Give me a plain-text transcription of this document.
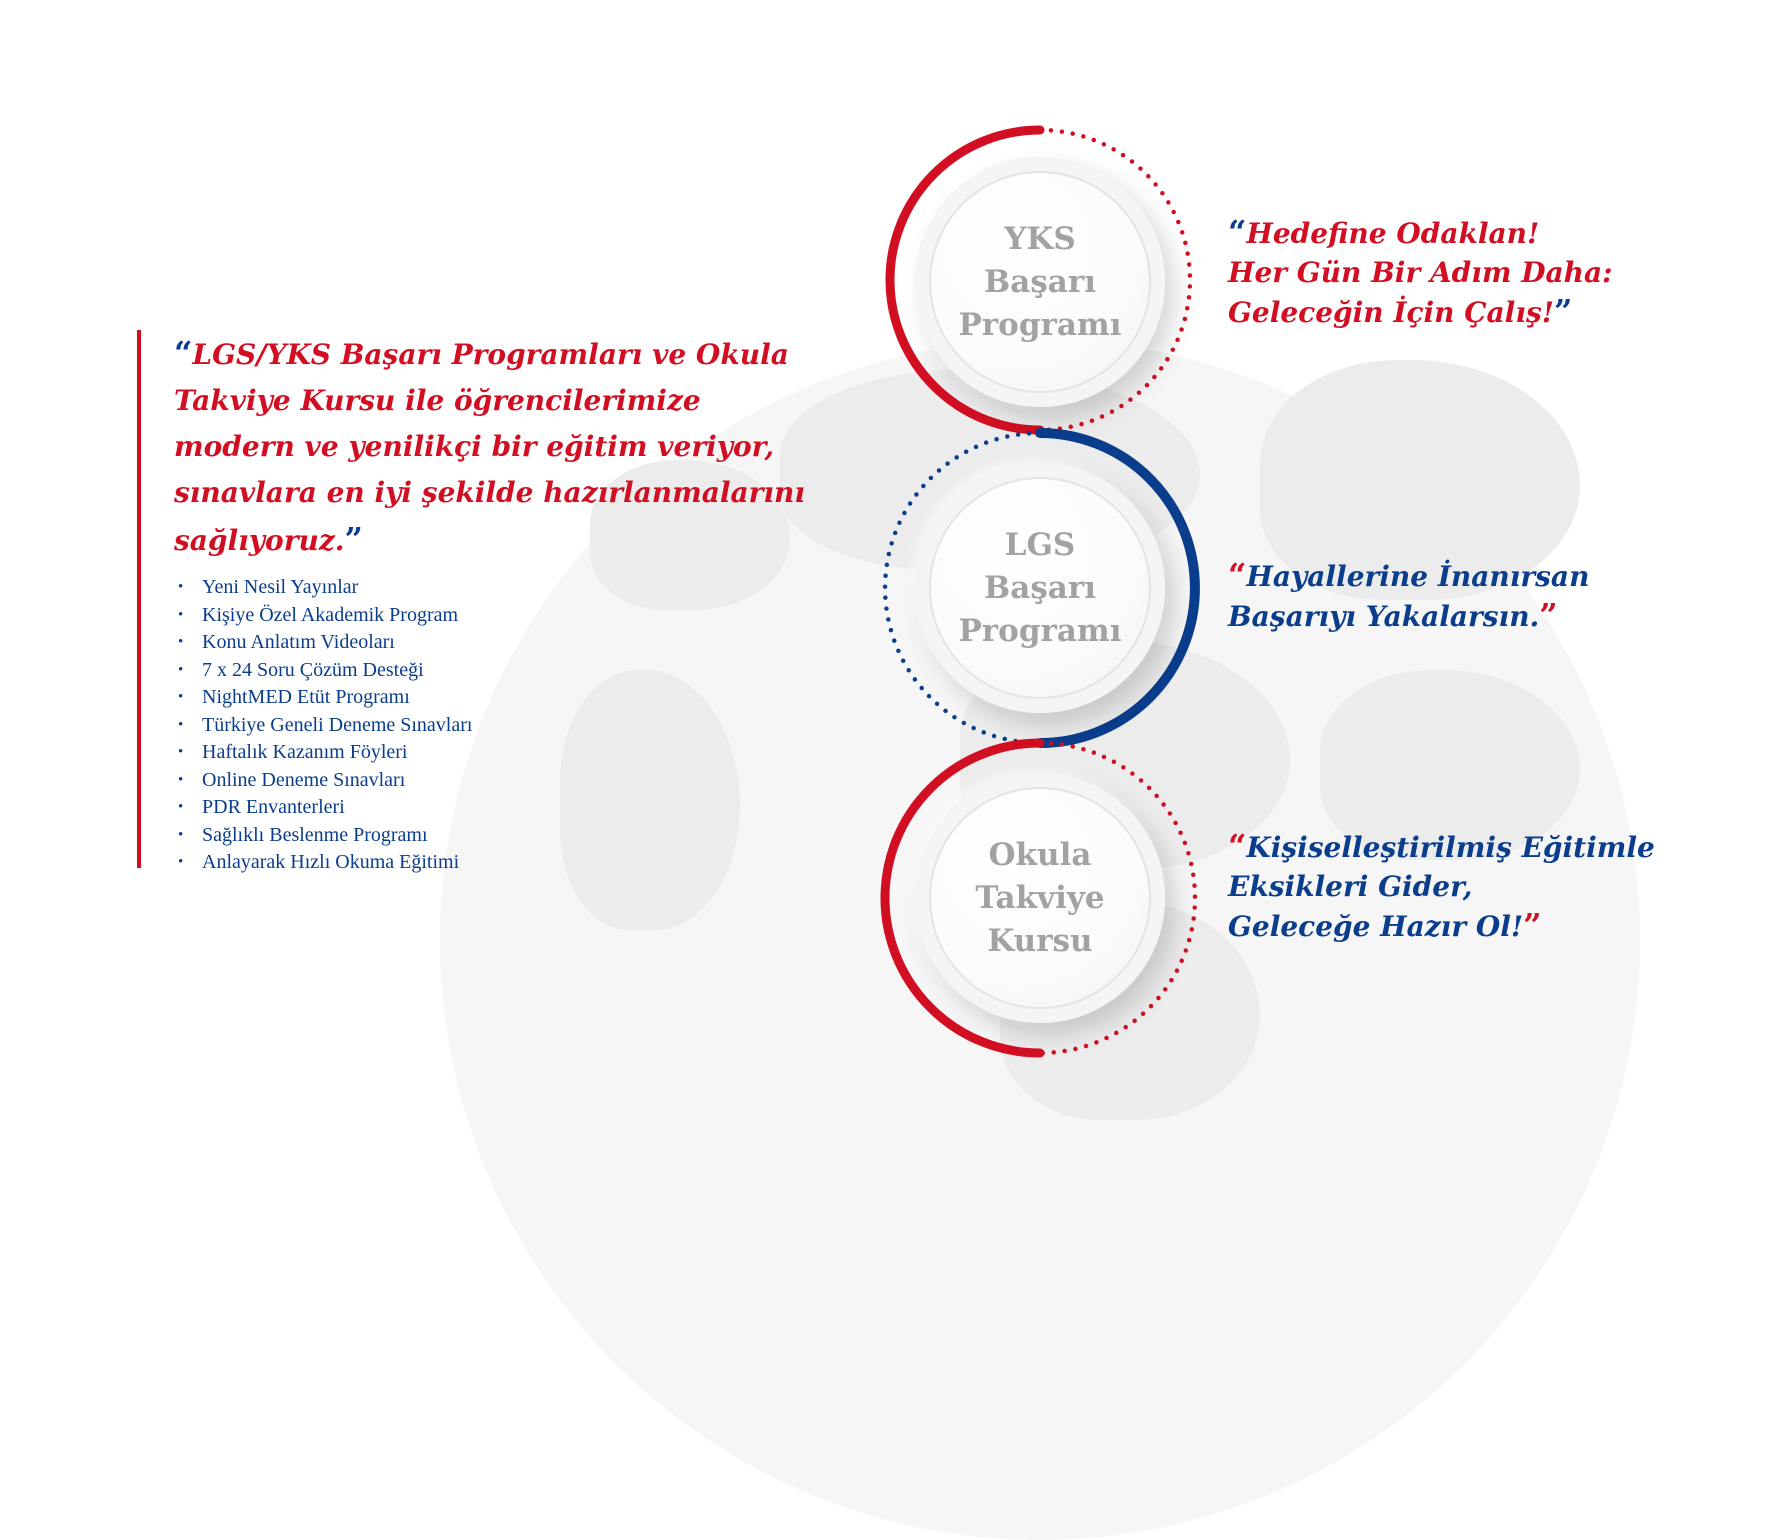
“LGS/YKS Başarı Programları ve Okula Takviye Kursu ile öğrencilerimize modern ve yenilikçi bir eğitim veriyor, sınavlara en iyi şekilde hazırlanmalarını sağlıyoruz.”

• Yeni Nesil Yayınlar
• Kişiye Özel Akademik Program
• Konu Anlatım Videoları
• 7 x 24 Soru Çözüm Desteği
• NightMED Etüt Programı
• Türkiye Geneli Deneme Sınavları
• Haftalık Kazanım Föyleri
• Online Deneme Sınavları
• PDR Envanterleri
• Sağlıklı Beslenme Programı
• Anlayarak Hızlı Okuma Eğitimi
YKS
Başarı
Programı
LGS
Başarı
Programı
Okula
Takviye
Kursu

“Hedefine Odaklan!
Her Gün Bir Adım Daha:
Geleceğin İçin Çalış!”

“Hayallerine İnanırsan
Başarıyı Yakalarsın.”

“Kişiselleştirilmiş Eğitimle
Eksikleri Gider,
Geleceğe Hazır Ol!”
